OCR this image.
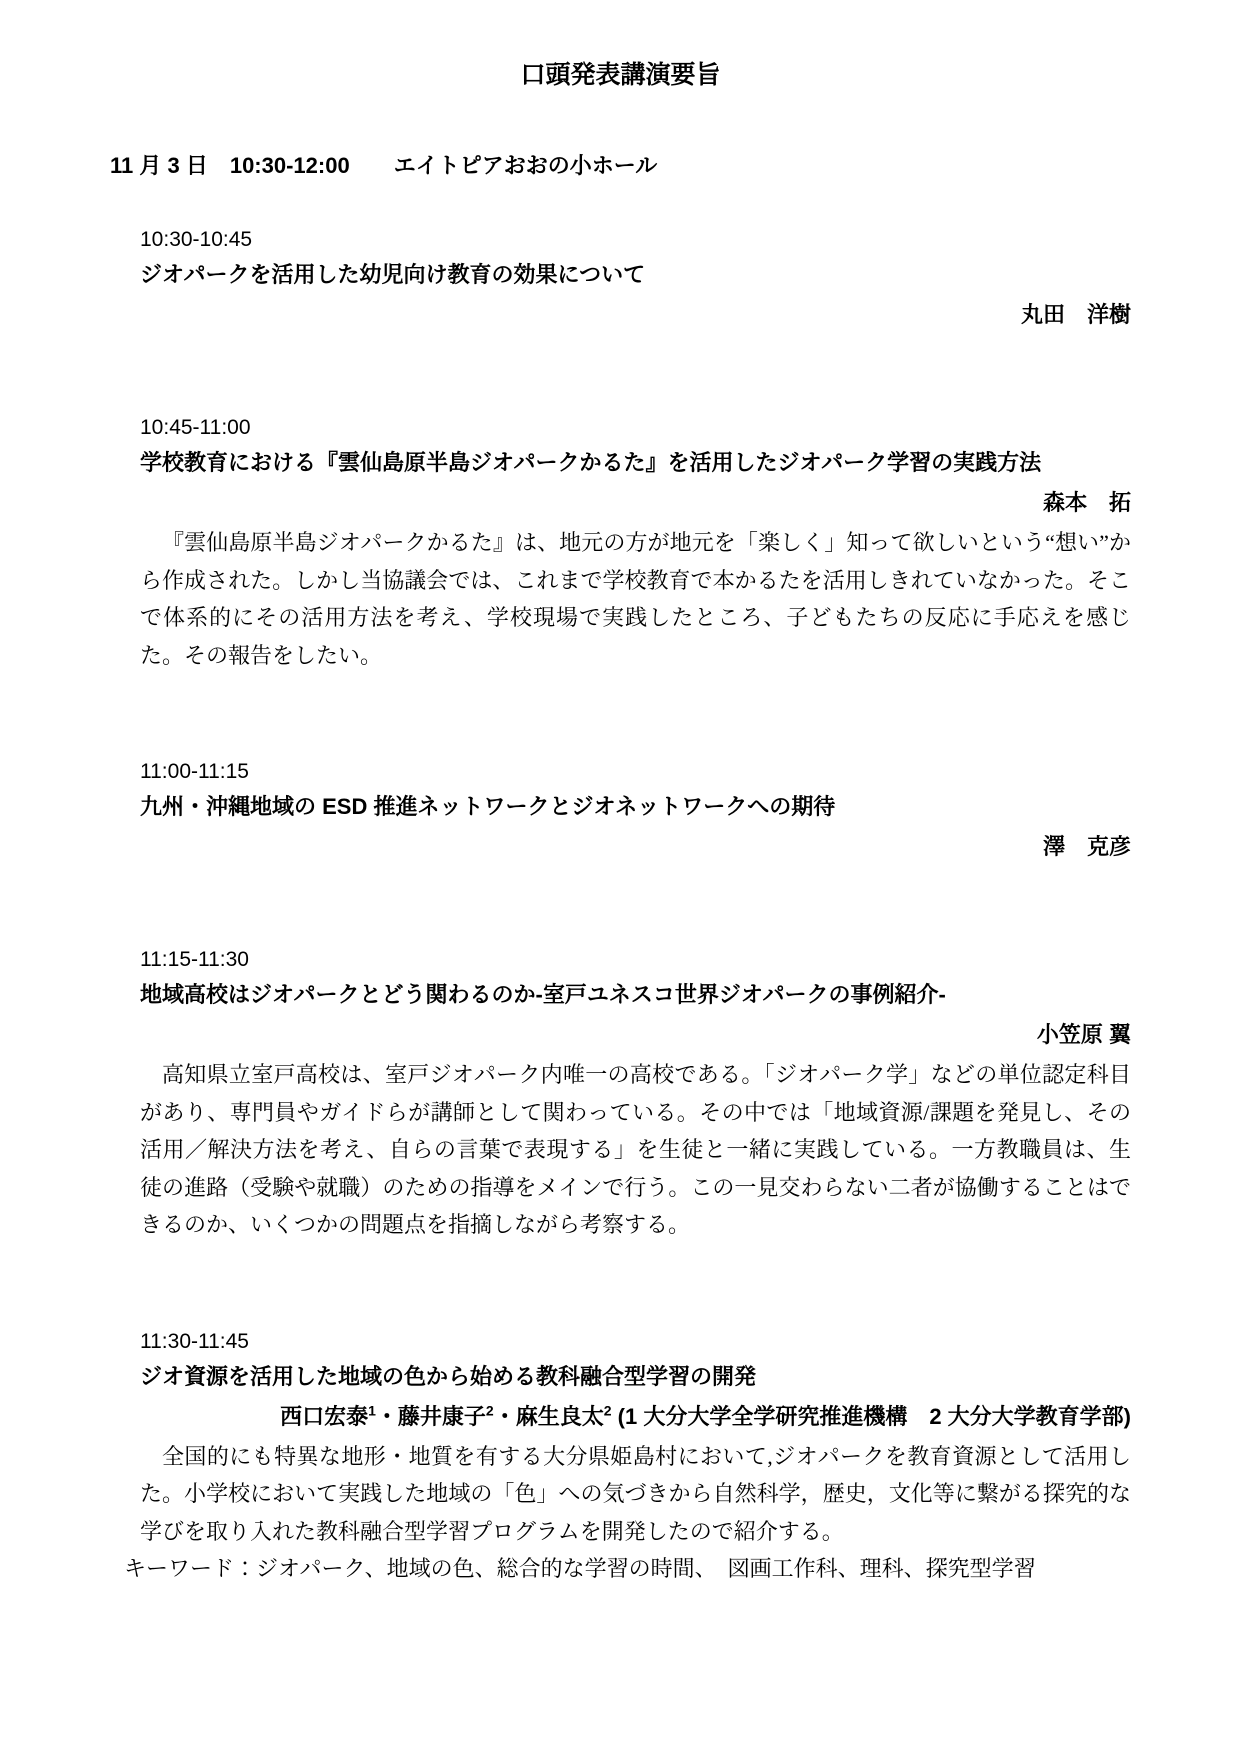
口頭発表講演要旨
11 月 3 日　10:30-12:00　　エイトピアおおの小ホール
10:30-10:45
ジオパークを活用した幼児向け教育の効果について
丸田　洋樹
10:45-11:00
学校教育における『雲仙島原半島ジオパークかるた』を活用したジオパーク学習の実践方法
森本　拓

『雲仙島原半島ジオパークかるた』は、地元の方が地元を「楽しく」知って欲しいという“想い”から作成された。しかし当協議会では、これまで学校教育で本かるたを活用しきれていなかった。そこで体系的にその活用方法を考え、学校現場で実践したところ、子どもたちの反応に手応えを感じた。その報告をしたい。

11:00-11:15
九州・沖縄地域の ESD 推進ネットワークとジオネットワークへの期待
澤　克彦
11:15-11:30
地域高校はジオパークとどう関わるのか-室戸ユネスコ世界ジオパークの事例紹介-
小笠原 翼

高知県立室戸高校は、室戸ジオパーク内唯一の高校である。「ジオパーク学」などの単位認定科目があり、専門員やガイドらが講師として関わっている。その中では「地域資源/課題を発見し、その活用／解決方法を考え、自らの言葉で表現する」を生徒と一緒に実践している。一方教職員は、生徒の進路（受験や就職）のための指導をメインで行う。この一見交わらない二者が協働することはできるのか、いくつかの問題点を指摘しながら考察する。

11:30-11:45
ジオ資源を活用した地域の色から始める教科融合型学習の開発
西口宏泰$^1$・藤井康子$^2$・麻生良太$^2$ (1 大分大学全学研究推進機構　2 大分大学教育学部)

全国的にも特異な地形・地質を有する大分県姫島村において,ジオパークを教育資源として活用した。小学校において実践した地域の「色」への気づきから自然科学，歴史，文化等に繋がる探究的な学びを取り入れた教科融合型学習プログラムを開発したので紹介する。

キーワード：ジオパーク、地域の色、総合的な学習の時間、　図画工作科、理科、探究型学習
